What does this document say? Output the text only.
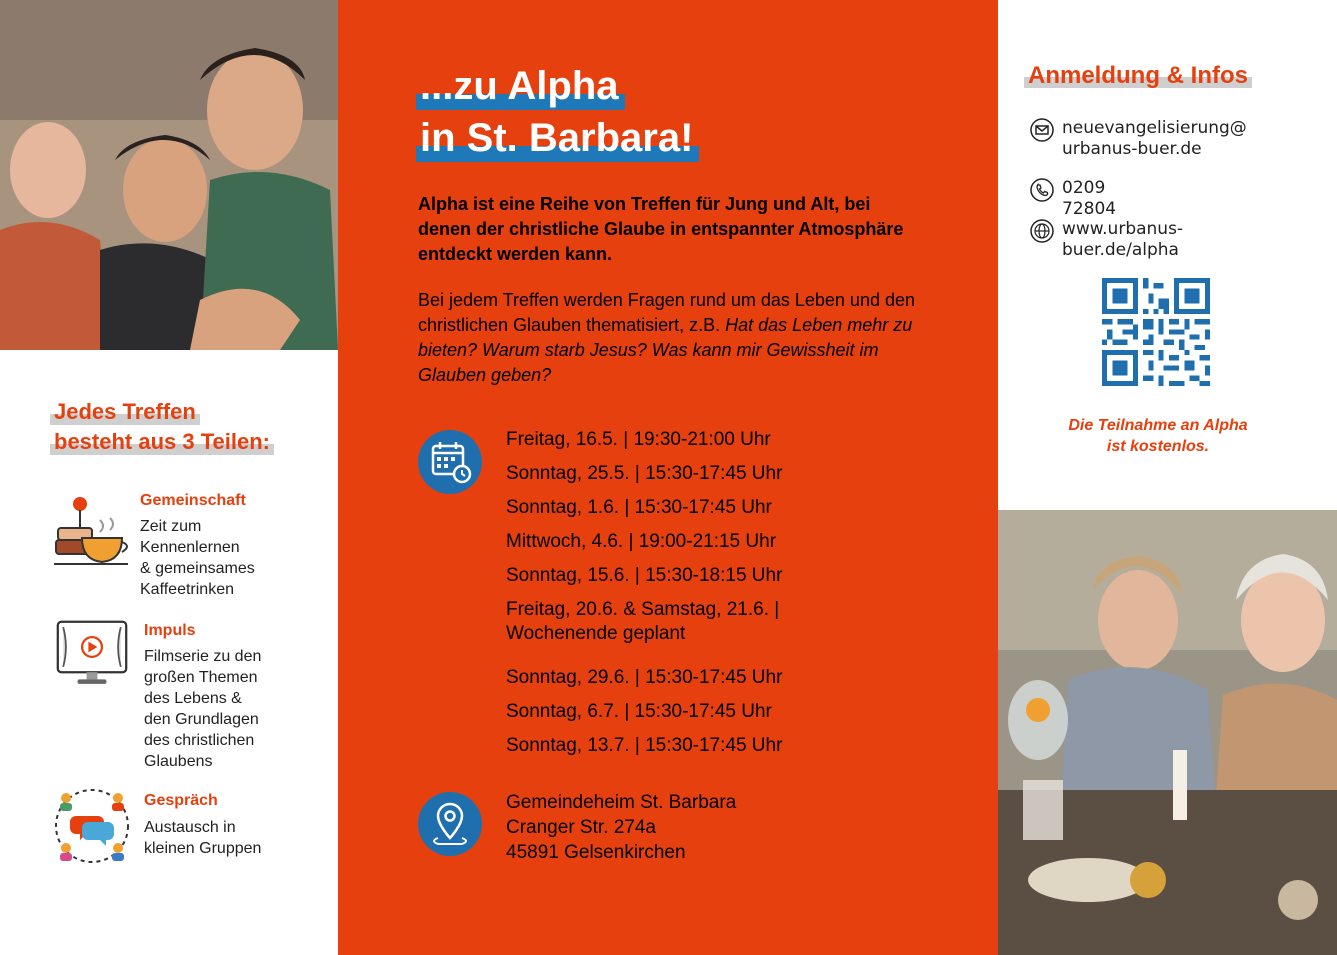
Jedes Treffen
besteht aus 3 Teilen:
Gemeinschaft
Zeit zum
Kennenlernen
& gemeinsames
Kaffeetrinken
Impuls
Filmserie zu den
großen Themen
des Lebens &
den Grundlagen
des christlichen
Glaubens
Gespräch
Austausch in
kleinen Gruppen
...zu Alpha
in St. Barbara!
Alpha ist eine Reihe von Treffen für Jung und Alt, bei denen der christliche Glaube in entspannter Atmosphäre entdeckt werden kann.
Bei jedem Treffen werden Fragen rund um das Leben und den christlichen Glauben thematisiert, z.B. Hat das Leben mehr zu bieten? Warum starb Jesus? Was kann mir Gewissheit im Glauben geben?
Freitag, 16.5. | 19:30-21:00 Uhr
Sonntag, 25.5. | 15:30-17:45 Uhr
Sonntag, 1.6. | 15:30-17:45 Uhr
Mittwoch, 4.6. | 19:00-21:15 Uhr
Sonntag, 15.6. | 15:30-18:15 Uhr
Freitag, 20.6. & Samstag, 21.6. |
Wochenende geplant
Sonntag, 29.6. | 15:30-17:45 Uhr
Sonntag, 6.7. | 15:30-17:45 Uhr
Sonntag, 13.7. | 15:30-17:45 Uhr
Gemeindeheim St. Barbara
Cranger Str. 274a
45891 Gelsenkirchen
Anmeldung & Infos
neuevangelisierung@
urbanus-buer.de
0209 72804
www.urbanus-buer.de/alpha
Die Teilnahme an Alpha
ist kostenlos.
